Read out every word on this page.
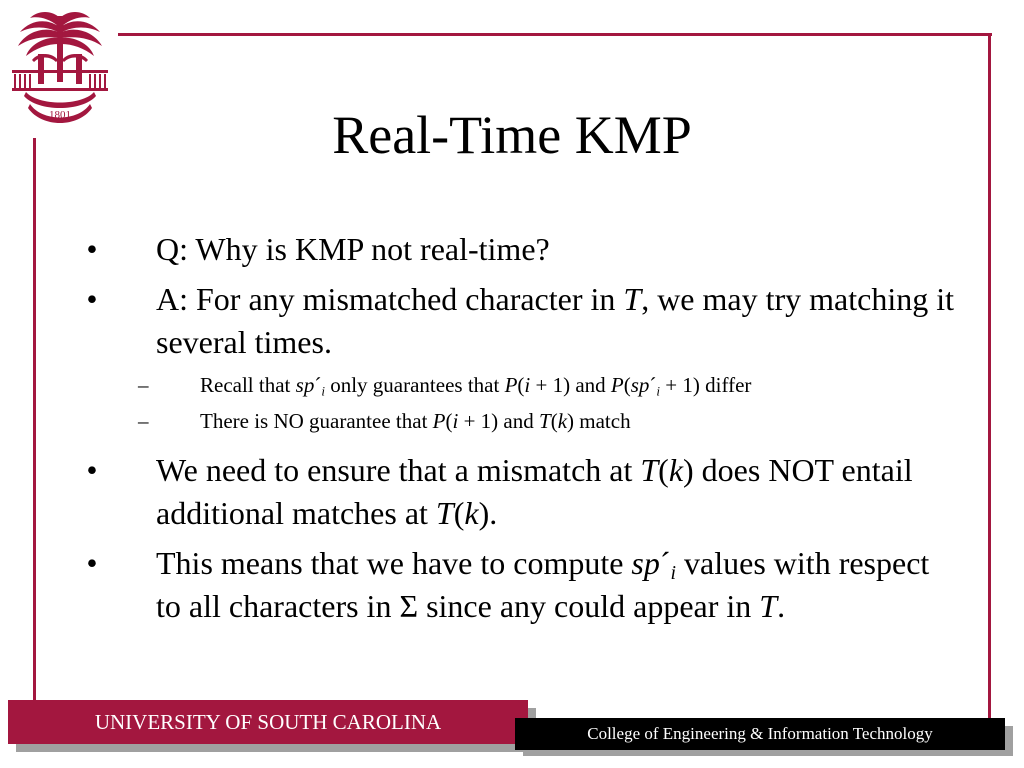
1801	Real-Time KMP
• Q: Why is KMP not real-time?
• A: For any mismatched character in T, we may try matching it several times.
– Recall that $sp´_i$ only guarantees that P(i + 1) and $P(sp´_i + 1)$ differ
– There is NO guarantee that P(i + 1) and T(k) match
• We need to ensure that a mismatch at T(k) does NOT entail additional matches at T(k).
• This means that we have to compute $sp´_i$ values with respect to all characters in Σ since any could appear in T.
UNIVERSITY OF SOUTH CAROLINA	College of Engineering & Information Technology
